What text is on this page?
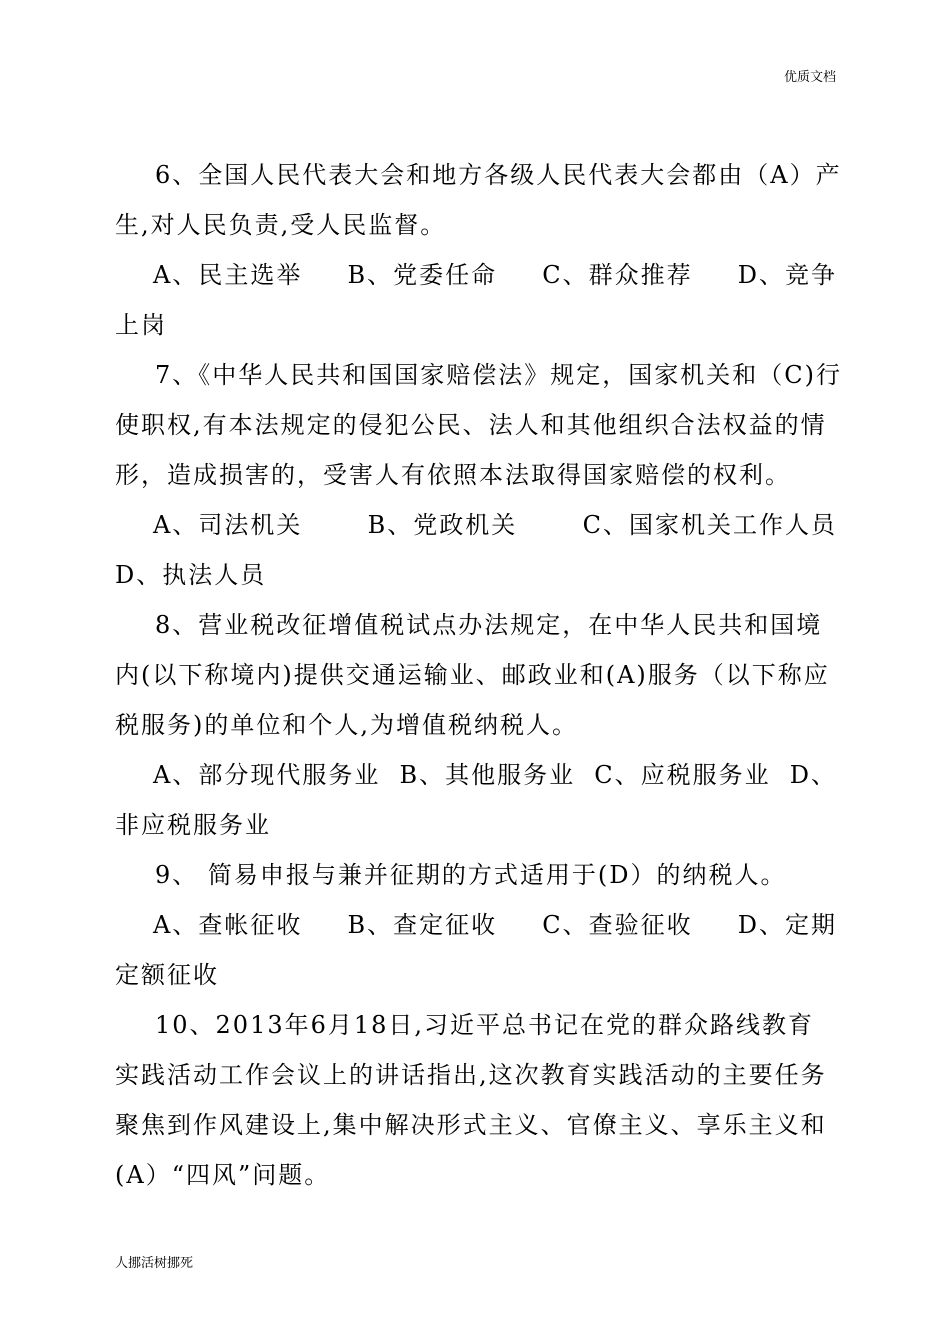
优质文档
6、全国人民代表大会和地方各级人民代表大会都由（A）产
生,对人民负责,受人民监督。
A、民主选举 B、党委任命 C、群众推荐 D、竞争
上岗
7、《中华人民共和国国家赔偿法》规定，国家机关和（C)行
使职权,有本法规定的侵犯公民、法人和其他组织合法权益的情
形，造成损害的，受害人有依照本法取得国家赔偿的权利。
A、司法机关	B、党政机关	C、国家机关工作人员
D、执法人员
8、营业税改征增值税试点办法规定，在中华人民共和国境
内(以下称境内)提供交通运输业、邮政业和(A)服务（以下称应
税服务)的单位和个人,为增值税纳税人。
A、部分现代服务业 B、其他服务业 C、应税服务业 D、
非应税服务业
9、 简易申报与兼并征期的方式适用于(D）的纳税人。
A、查帐征收 B、查定征收 C、查验征收 D、定期
定额征收
10、2013年6月18日,习近平总书记在党的群众路线教育
实践活动工作会议上的讲话指出,这次教育实践活动的主要任务
聚焦到作风建设上,集中解决形式主义、官僚主义、享乐主义和
(A）“四风”问题。
人挪活树挪死
